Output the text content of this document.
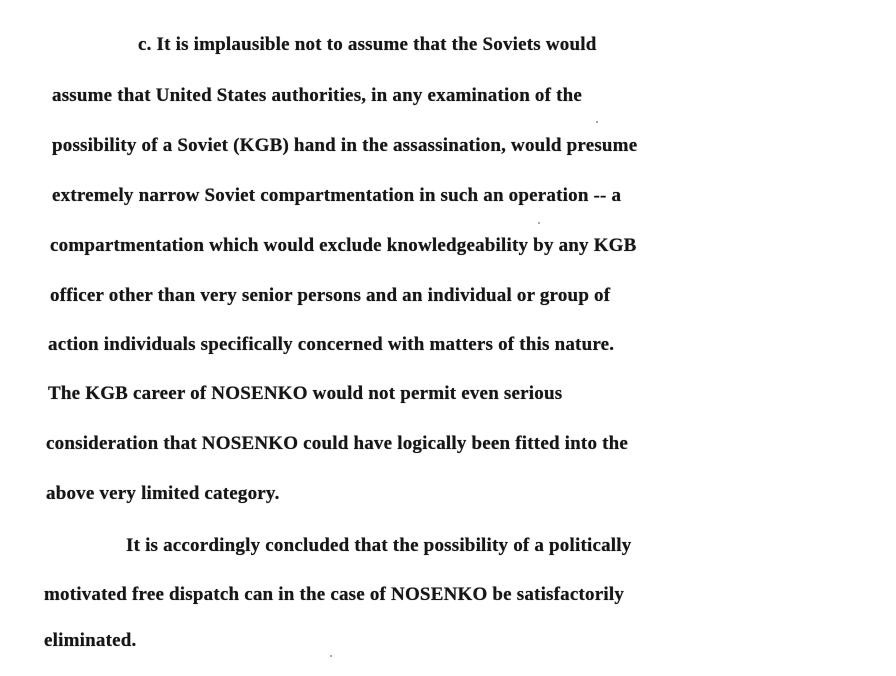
c. It is implausible not to assume that the Soviets would
assume that United States authorities, in any examination of the
possibility of a Soviet (KGB) hand in the assassination, would presume
extremely narrow Soviet compartmentation in such an operation -- a
compartmentation which would exclude knowledgeability by any KGB
officer other than very senior persons and an individual or group of
action individuals specifically concerned with matters of this nature.
The KGB career of NOSENKO would not permit even serious
consideration that NOSENKO could have logically been fitted into the
above very limited category.
It is accordingly concluded that the possibility of a politically
motivated free dispatch can in the case of NOSENKO be satisfactorily
eliminated.
